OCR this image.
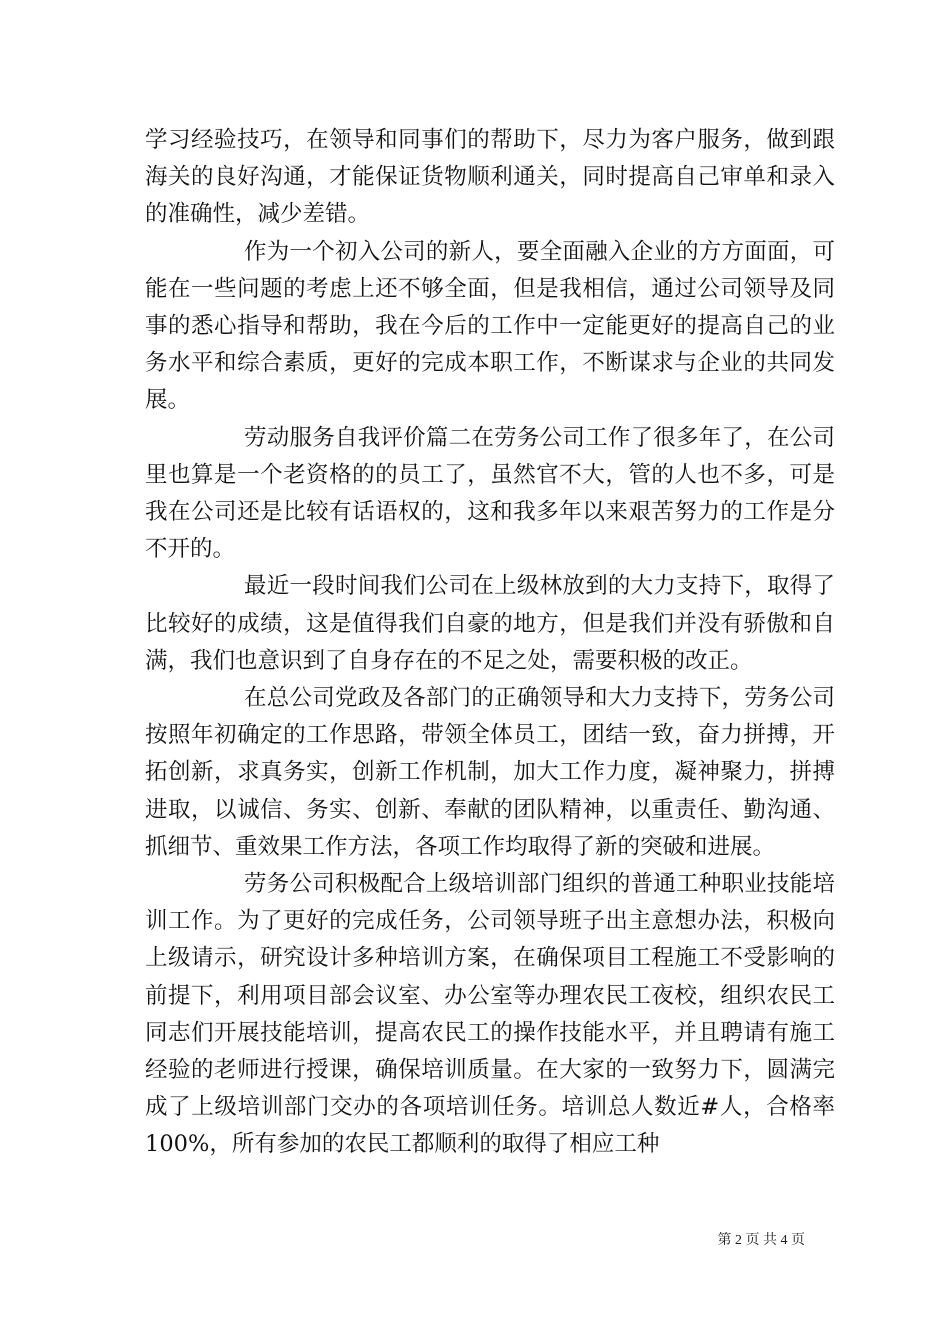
学习经验技巧，在领导和同事们的帮助下，尽力为客户服务，做到跟海关的良好沟通，才能保证货物顺利通关，同时提高自己审单和录入的准确性，减少差错。

作为一个初入公司的新人，要全面融入企业的方方面面，可能在一些问题的考虑上还不够全面，但是我相信，通过公司领导及同事的悉心指导和帮助，我在今后的工作中一定能更好的提高自己的业务水平和综合素质，更好的完成本职工作，不断谋求与企业的共同发展。

劳动服务自我评价篇二在劳务公司工作了很多年了，在公司里也算是一个老资格的的员工了，虽然官不大，管的人也不多，可是我在公司还是比较有话语权的，这和我多年以来艰苦努力的工作是分不开的。

最近一段时间我们公司在上级林放到的大力支持下，取得了比较好的成绩，这是值得我们自豪的地方，但是我们并没有骄傲和自满，我们也意识到了自身存在的不足之处，需要积极的改正。

在总公司党政及各部门的正确领导和大力支持下，劳务公司按照年初确定的工作思路，带领全体员工，团结一致，奋力拼搏，开拓创新，求真务实，创新工作机制，加大工作力度，凝神聚力，拼搏进取，以诚信、务实、创新、奉献的团队精神，以重责任、勤沟通、抓细节、重效果工作方法，各项工作均取得了新的突破和进展。

劳务公司积极配合上级培训部门组织的普通工种职业技能培训工作。为了更好的完成任务，公司领导班子出主意想办法，积极向上级请示，研究设计多种培训方案，在确保项目工程施工不受影响的前提下，利用项目部会议室、办公室等办理农民工夜校，组织农民工同志们开展技能培训，提高农民工的操作技能水平，并且聘请有施工经验的老师进行授课，确保培训质量。在大家的一致努力下，圆满完成了上级培训部门交办的各项培训任务。培训总人数近#人，合格率100%，所有参加的农民工都顺利的取得了相应工种

第 2 页 共 4 页
